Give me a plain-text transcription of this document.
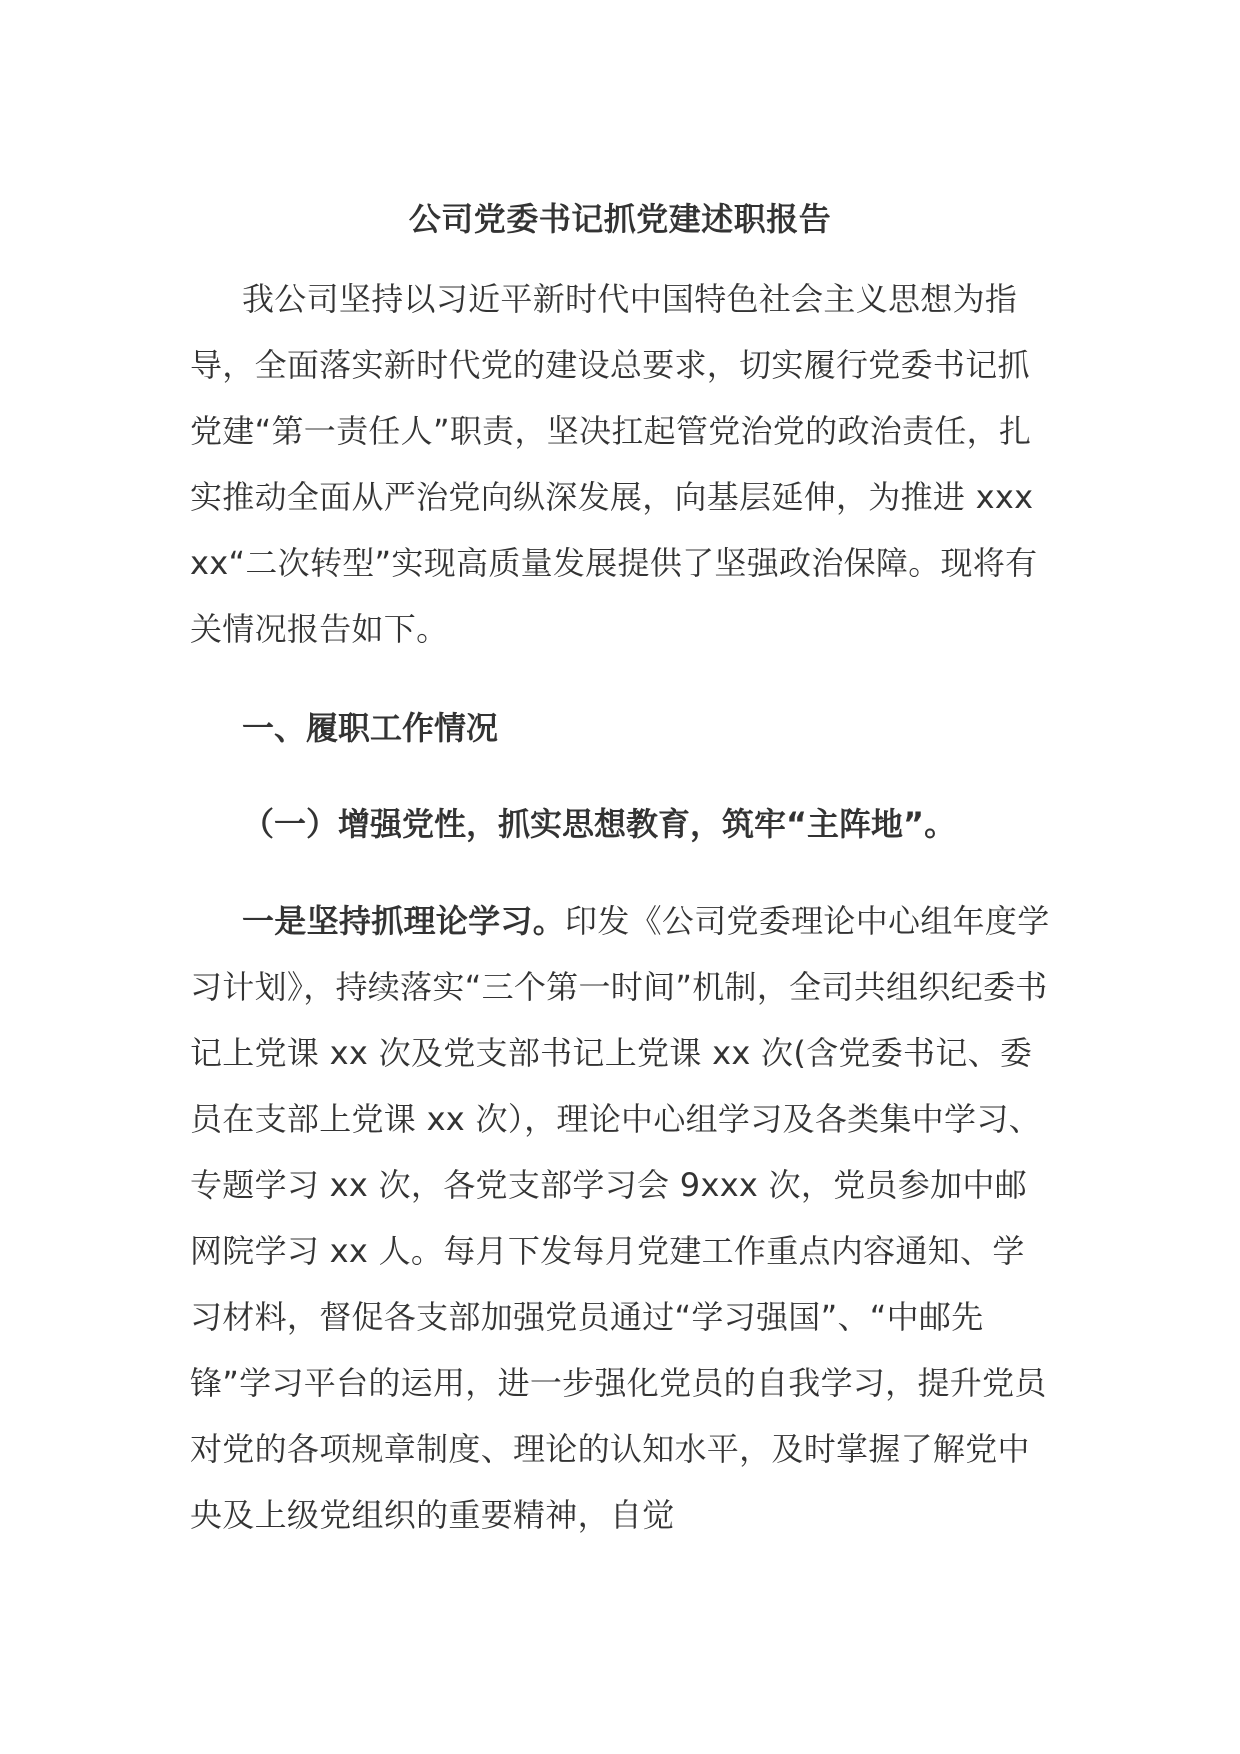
公司党委书记抓党建述职报告

我公司坚持以习近平新时代中国特色社会主义思想为指导，全面落实新时代党的建设总要求，切实履行党委书记抓党建“第一责任人”职责，坚决扛起管党治党的政治责任，扎实推动全面从严治党向纵深发展，向基层延伸，为推进 xxxxx“二次转型”实现高质量发展提供了坚强政治保障。现将有关情况报告如下。

一、履职工作情况
（一）增强党性，抓实思想教育，筑牢“主阵地”。

一是坚持抓理论学习。印发《公司党委理论中心组年度学习计划》，持续落实“三个第一时间”机制，全司共组织纪委书记上党课 xx 次及党支部书记上党课 xx 次(含党委书记、委员在支部上党课 xx 次），理论中心组学习及各类集中学习、专题学习 xx 次，各党支部学习会 9xxx 次，党员参加中邮网院学习 xx 人。每月下发每月党建工作重点内容通知、学习材料，督促各支部加强党员通过“学习强国”、“中邮先锋”学习平台的运用，进一步强化党员的自我学习，提升党员对党的各项规章制度、理论的认知水平，及时掌握了解党中央及上级党组织的重要精神，自觉
